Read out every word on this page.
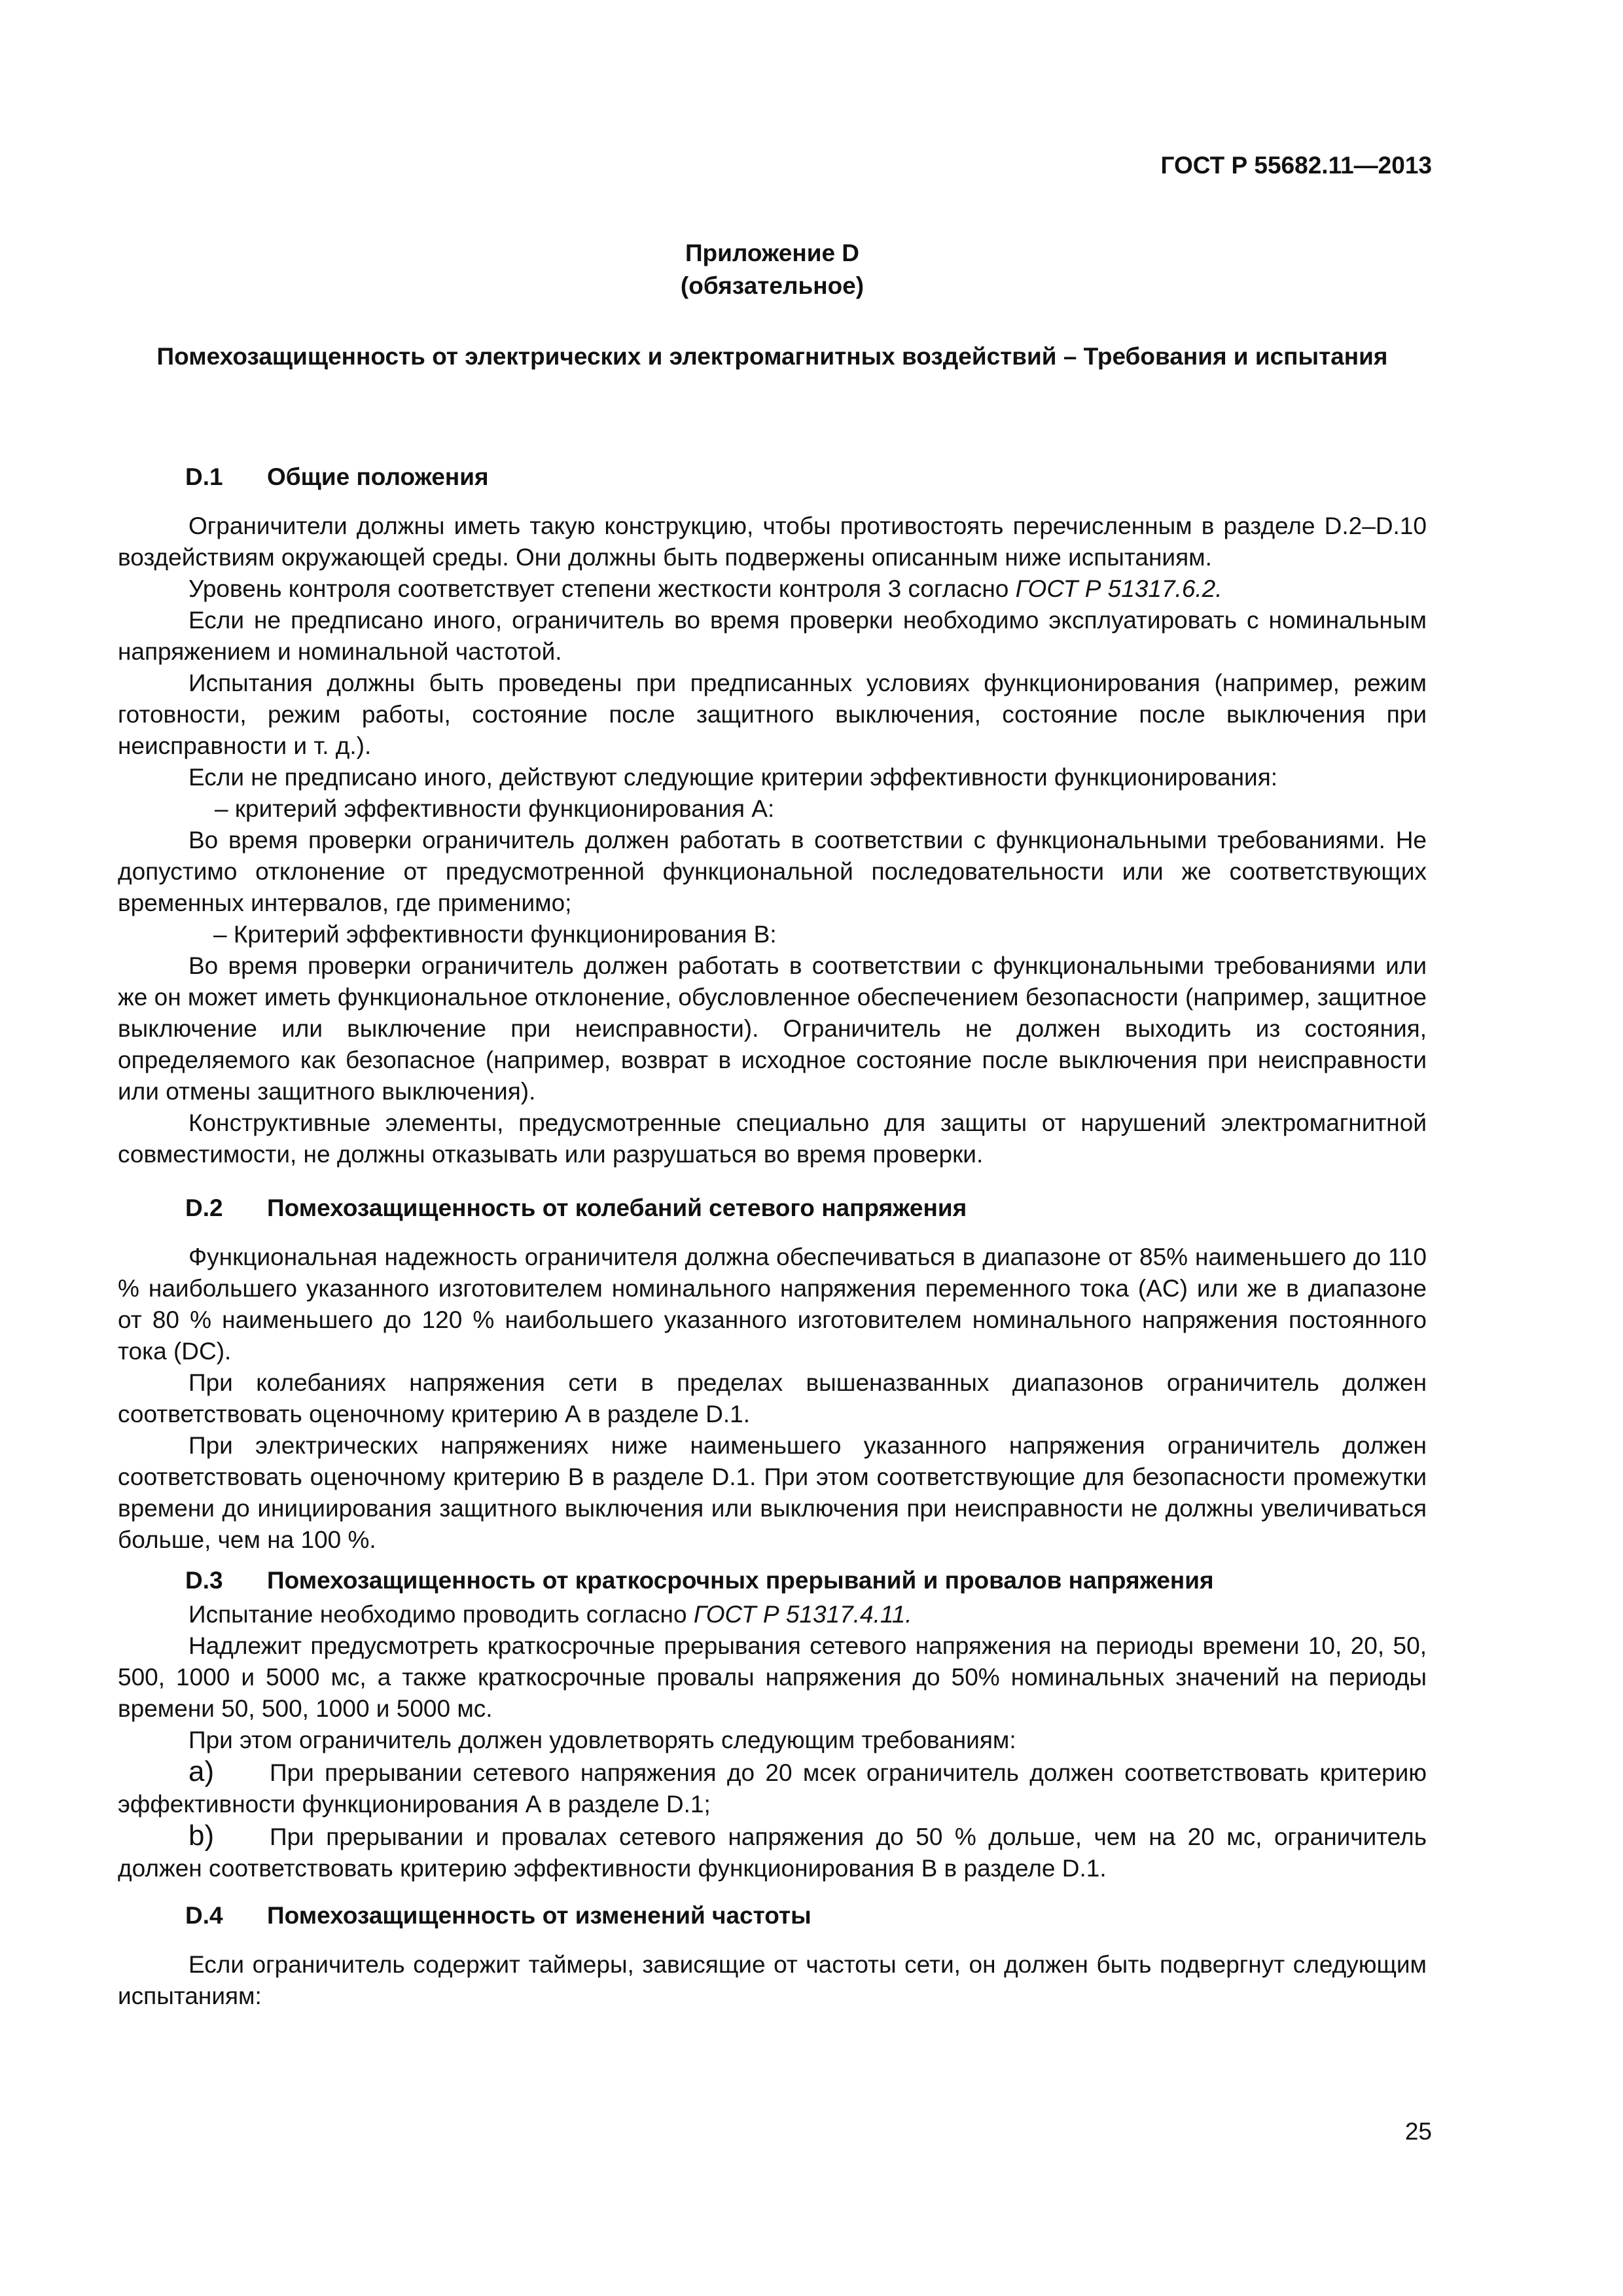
ГОСТ Р 55682.11—2013

Приложение D
(обязательное)
Помехозащищенность от электрических и электромагнитных воздействий – Требования и испытания
D.1	Общие положения

Ограничители должны иметь такую конструкцию, чтобы противостоять перечисленным в разделе D.2–D.10 воздействиям окружающей среды. Они должны быть подвержены описанным ниже испытаниям.

Уровень контроля соответствует степени жесткости контроля 3 согласно ГОСТ Р 51317.6.2.

Если не предписано иного, ограничитель во время проверки необходимо эксплуатировать с номинальным напряжением и номинальной частотой.

Испытания должны быть проведены при предписанных условиях функционирования (например, режим готовности, режим работы, состояние после защитного выключения, состояние после выключения при неисправности и т. д.).

Если не предписано иного, действуют следующие критерии эффективности функционирования:

– критерий эффективности функционирования А:

Во время проверки ограничитель должен работать в соответствии с функциональными требованиями. Не допустимо отклонение от предусмотренной функциональной последовательности или же соответствующих временных интервалов, где применимо;

– Критерий эффективности функционирования В:

Во время проверки ограничитель должен работать в соответствии с функциональными требованиями или же он может иметь функциональное отклонение, обусловленное обеспечением безопасности (например, защитное выключение или выключение при неисправности). Ограничитель не должен выходить из состояния, определяемого как безопасное (например, возврат в исходное состояние после выключения при неисправности или отмены защитного выключения).

Конструктивные элементы, предусмотренные специально для защиты от нарушений электромагнитной совместимости, не должны отказывать или разрушаться во время проверки.

D.2	Помехозащищенность от колебаний сетевого напряжения

Функциональная надежность ограничителя должна обеспечиваться в диапазоне от 85% наименьшего до 110 % наибольшего указанного изготовителем номинального напряжения переменного тока (AC) или же в диапазоне от 80 % наименьшего до 120 % наибольшего указанного изготовителем номинального напряжения постоянного тока (DC).

При колебаниях напряжения сети в пределах вышеназванных диапазонов ограничитель должен соответствовать оценочному критерию А в разделе D.1.

При электрических напряжениях ниже наименьшего указанного напряжения ограничитель должен соответствовать оценочному критерию В в разделе D.1. При этом соответствующие для безопасности промежутки времени до инициирования защитного выключения или выключения при неисправности не должны увеличиваться больше, чем на 100 %.

D.3	Помехозащищенность от краткосрочных прерываний и провалов напряжения

Испытание необходимо проводить согласно ГОСТ Р 51317.4.11.

Надлежит предусмотреть краткосрочные прерывания сетевого напряжения на периоды времени 10, 20, 50, 500, 1000 и 5000 мс, а также краткосрочные провалы напряжения до 50% номинальных значений на периоды времени 50, 500, 1000 и 5000 мс.

При этом ограничитель должен удовлетворять следующим требованиям:

a) При прерывании сетевого напряжения до 20 мсек ограничитель должен соответствовать критерию эффективности функционирования А в разделе D.1;

b) При прерывании и провалах сетевого напряжения до 50 % дольше, чем на 20 мс, ограничитель должен соответствовать критерию эффективности функционирования В в разделе D.1.

D.4	Помехозащищенность от изменений частоты

Если ограничитель содержит таймеры, зависящие от частоты сети, он должен быть подвергнут следующим испытаниям:

25
